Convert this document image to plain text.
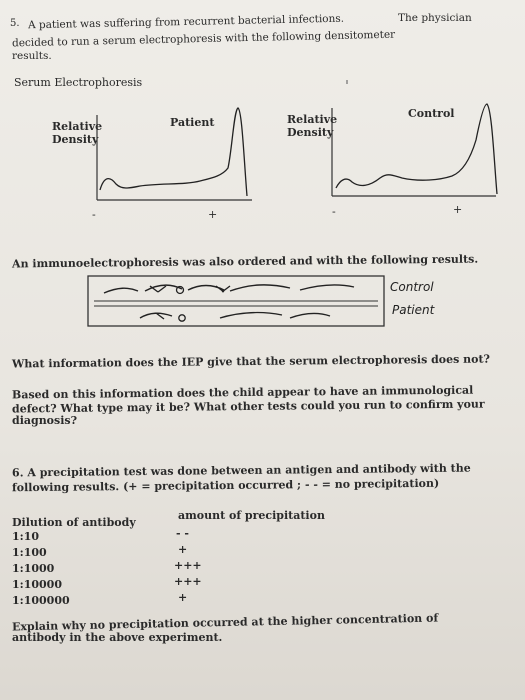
5. A patient was suffering from recurrent bacterial infections.	The physician
decided to run a serum electrophoresis with the following densitometer
results.
Serum Electrophoresis
Relative
Density
Patient
-	+
Relative
Density
Control
-	+
Control
Patient
An immunoelectrophoresis was also ordered and with the following results.
What information does the IEP give that the serum electrophoresis does not?
Based on this information does the child appear to have an immunological
defect? What type may it be? What other tests could you run to confirm your
diagnosis?
6. A precipitation test was done between an antigen and antibody with the
following results. (+ = precipitation occurred ; - - = no precipitation)
Dilution of antibody
amount of precipitation
1:10	- -
1:100	+
1:1000	+++
1:10000	+++
1:100000	+
Explain why no precipitation occurred at the higher concentration of
antibody in the above experiment.
